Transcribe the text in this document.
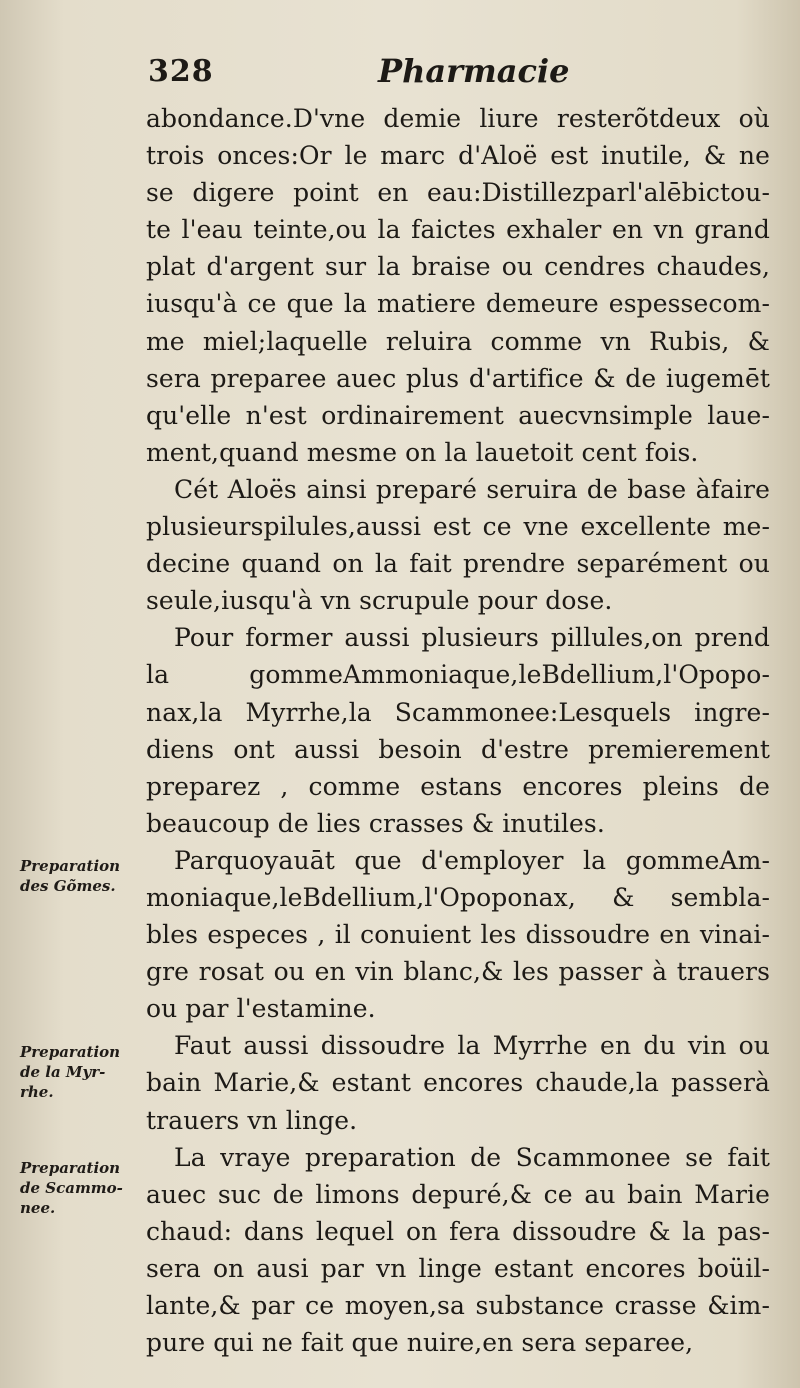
328	Pharmacie
abondance.D'vne demie liure resterõtdeux où
trois onces:Or le marc d'Aloë est inutile, & ne
se digere point en eau:Distillezparl'alēbictou-
te l'eau teinte,ou la faictes exhaler en vn grand
plat d'argent sur la braise ou cendres chaudes,
iusqu'à ce que la matiere demeure espessecom-
me miel;laquelle reluira comme vn Rubis, &
sera preparee auec plus d'artifice & de iugemēt
qu'elle n'est ordinairement auecvnsimple laue-
ment,quand mesme on la lauetoit cent fois.
Cét Aloës ainsi preparé seruira de base àfaire
plusieurspilules,aussi est ce vne excellente me-
decine quand on la fait prendre separément ou
seule,iusqu'à vn scrupule pour dose.
Pour former aussi plusieurs pillules,on prend
la gommeAmmoniaque,leBdellium,l'Opopo-
nax,la Myrrhe,la Scammonee:Lesquels ingre-
diens ont aussi besoin d'estre premierement
preparez , comme estans encores pleins de
beaucoup de lies crasses & inutiles.
Parquoyauāt que d'employer la gommeAm-
moniaque,leBdellium,l'Opoponax, & sembla-
bles especes , il conuient les dissoudre en vinai-
gre rosat ou en vin blanc,& les passer à trauers
ou par l'estamine.
Faut aussi dissoudre la Myrrhe en du vin ou
bain Marie,& estant encores chaude,la passerà
trauers vn linge.
La vraye preparation de Scammonee se fait
auec suc de limons depuré,& ce au bain Marie
chaud: dans lequel on fera dissoudre & la pas-
sera on ausi par vn linge estant encores boüil-
lante,& par ce moyen,sa substance crasse &im-
pure qui ne fait que nuire,en sera separee,
Preparation
des Gõmes.
Preparation
de la Myr-
rhe.
Preparation
de Scammo-
nee.
